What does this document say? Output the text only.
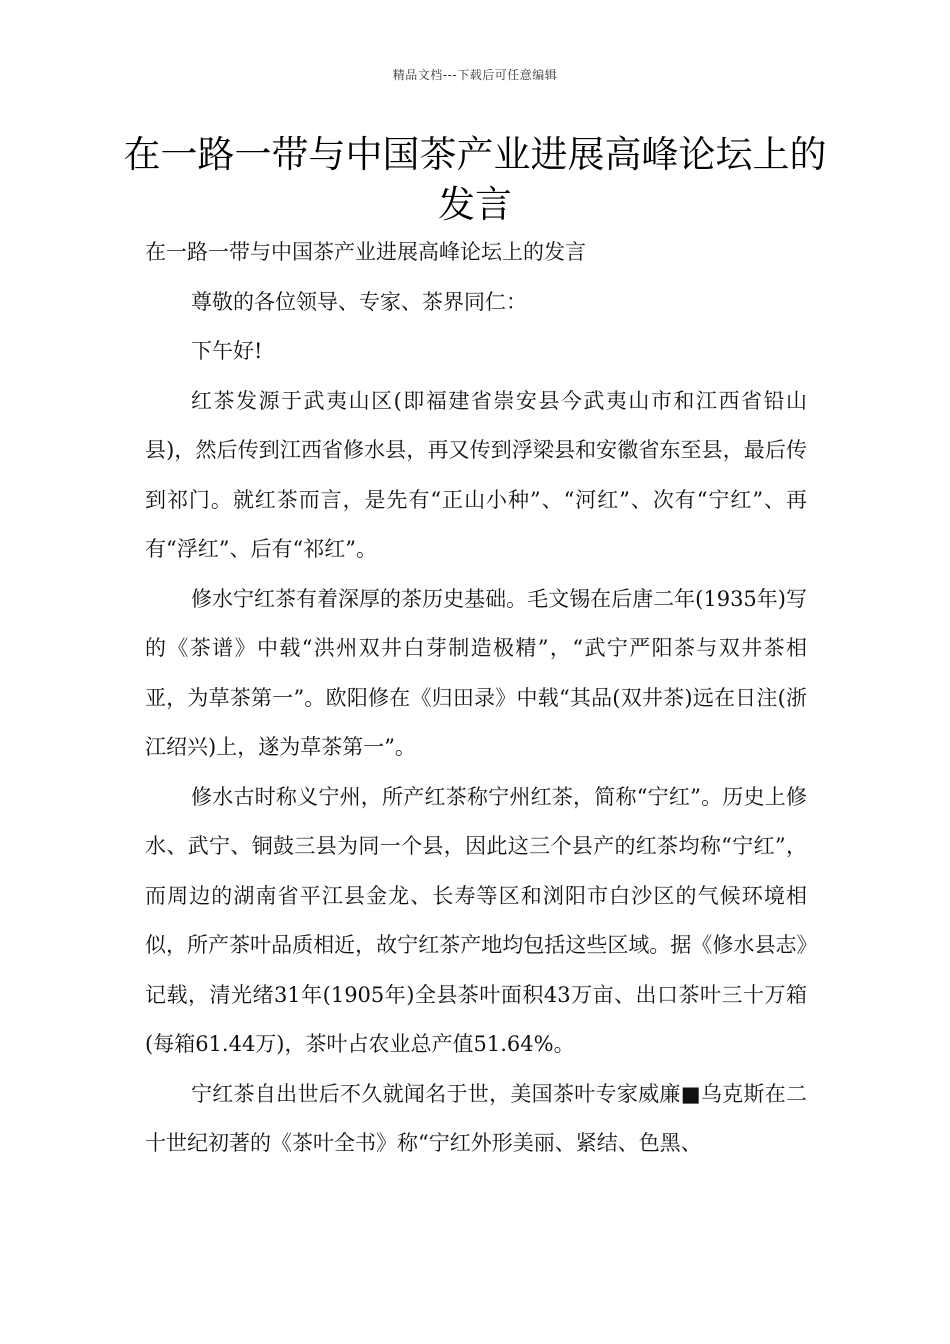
精品文档---下载后可任意编辑
在一路一带与中国茶产业进展高峰论坛上的发言

在一路一带与中国茶产业进展高峰论坛上的发言

尊敬的各位领导、专家、茶界同仁：

下午好!

红茶发源于武夷山区(即福建省崇安县今武夷山市和江西省铅山县)，然后传到江西省修水县，再又传到浮梁县和安徽省东至县，最后传到祁门。就红茶而言，是先有“正山小种”、“河红”、次有“宁红”、再有“浮红”、后有“祁红”。

修水宁红茶有着深厚的茶历史基础。毛文锡在后唐二年(1935年)写的《茶谱》中载“洪州双井白芽制造极精”，“武宁严阳茶与双井茶相亚，为草茶第一”。欧阳修在《归田录》中载“其品(双井茶)远在日注(浙江绍兴)上，遂为草茶第一”。

修水古时称义宁州，所产红茶称宁州红茶，简称“宁红”。历史上修水、武宁、铜鼓三县为同一个县，因此这三个县产的红茶均称“宁红”，而周边的湖南省平江县金龙、长寿等区和浏阳市白沙区的气候环境相似，所产茶叶品质相近，故宁红茶产地均包括这些区域。据《修水县志》记载，清光绪31年(1905年)全县茶叶面积43万亩、出口茶叶三十万箱(每箱61.44万)，茶叶占农业总产值51.64%。

宁红茶自出世后不久就闻名于世，美国茶叶专家威廉■乌克斯在二十世纪初著的《茶叶全书》称“宁红外形美丽、紧结、色黑、
